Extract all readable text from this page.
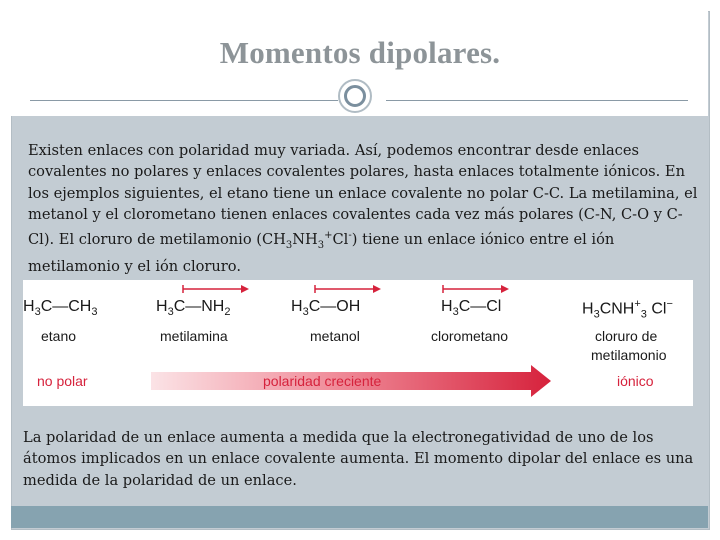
Momentos dipolares.
Existen enlaces con polaridad muy variada. Así, podemos encontrar desde enlaces covalentes no polares y enlaces covalentes polares, hasta enlaces totalmente iónicos. En los ejemplos siguientes, el etano tiene un enlace covalente no polar C-C. La metilamina, el metanol y el clorometano tienen enlaces covalentes cada vez más polares (C-N, C-O y C-Cl). El cloruro de metilamonio $(CH_3NH_3^+Cl^-)$ tiene un enlace iónico entre el ión metilamonio y el ión cloruro.
$H_3C—CH_3$
etano
$H_3C—NH_2$
metilamina
$H_3C—OH$
metanol
$H_3C—Cl$
clorometano
$H_3CNH^+_3$ Cl−
cloruro de
metilamonio
no polar	polaridad creciente	iónico
La polaridad de un enlace aumenta a medida que la electronegatividad de uno de los átomos implicados en un enlace covalente aumenta. El momento dipolar del enlace es una medida de la polaridad de un enlace.
